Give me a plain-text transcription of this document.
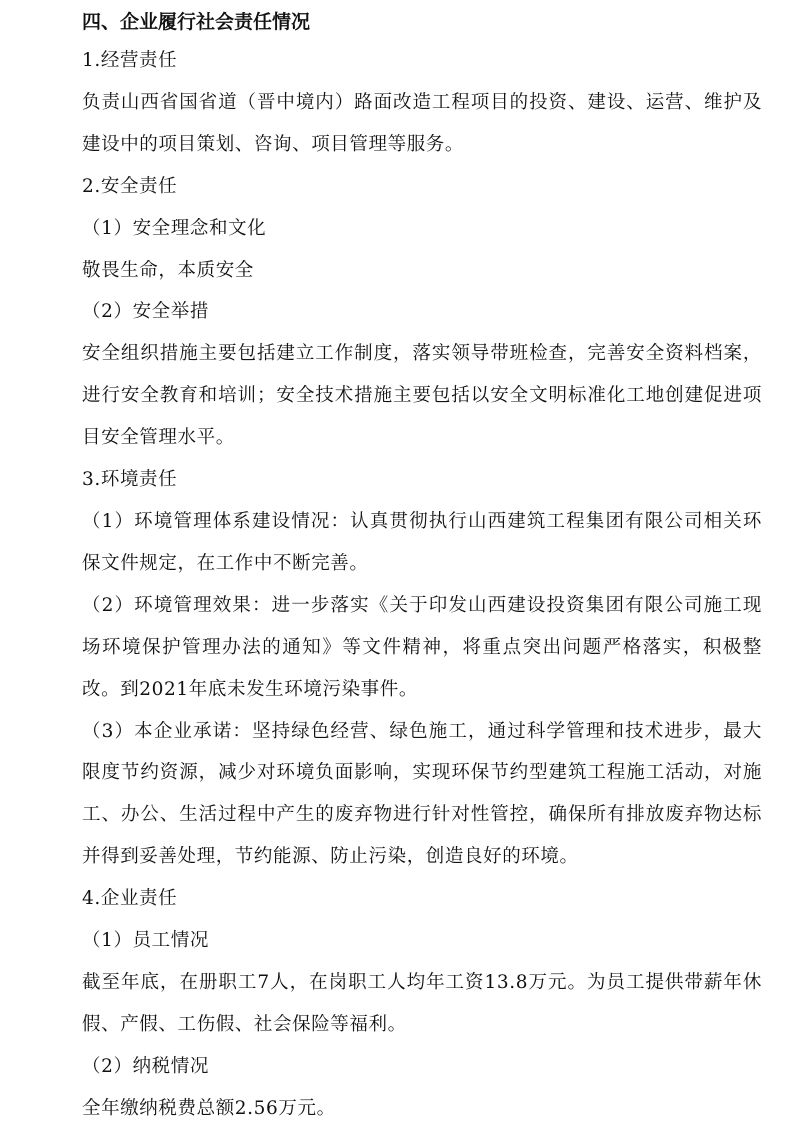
四、企业履行社会责任情况

1.经营责任

负责山西省国省道（晋中境内）路面改造工程项目的投资、建设、运营、维护及建设中的项目策划、咨询、项目管理等服务。

2.安全责任

（1）安全理念和文化

敬畏生命，本质安全

（2）安全举措

安全组织措施主要包括建立工作制度，落实领导带班检查，完善安全资料档案，进行安全教育和培训；安全技术措施主要包括以安全文明标准化工地创建促进项目安全管理水平。

3.环境责任

（1）环境管理体系建设情况：认真贯彻执行山西建筑工程集团有限公司相关环保文件规定，在工作中不断完善。

（2）环境管理效果：进一步落实《关于印发山西建设投资集团有限公司施工现场环境保护管理办法的通知》等文件精神，将重点突出问题严格落实，积极整改。到2021年底未发生环境污染事件。

（3）本企业承诺：坚持绿色经营、绿色施工，通过科学管理和技术进步，最大限度节约资源，减少对环境负面影响，实现环保节约型建筑工程施工活动，对施工、办公、生活过程中产生的废弃物进行针对性管控，确保所有排放废弃物达标并得到妥善处理，节约能源、防止污染，创造良好的环境。

4.企业责任

（1）员工情况

截至年底，在册职工7人，在岗职工人均年工资13.8万元。为员工提供带薪年休假、产假、工伤假、社会保险等福利。

（2）纳税情况

全年缴纳税费总额2.56万元。
